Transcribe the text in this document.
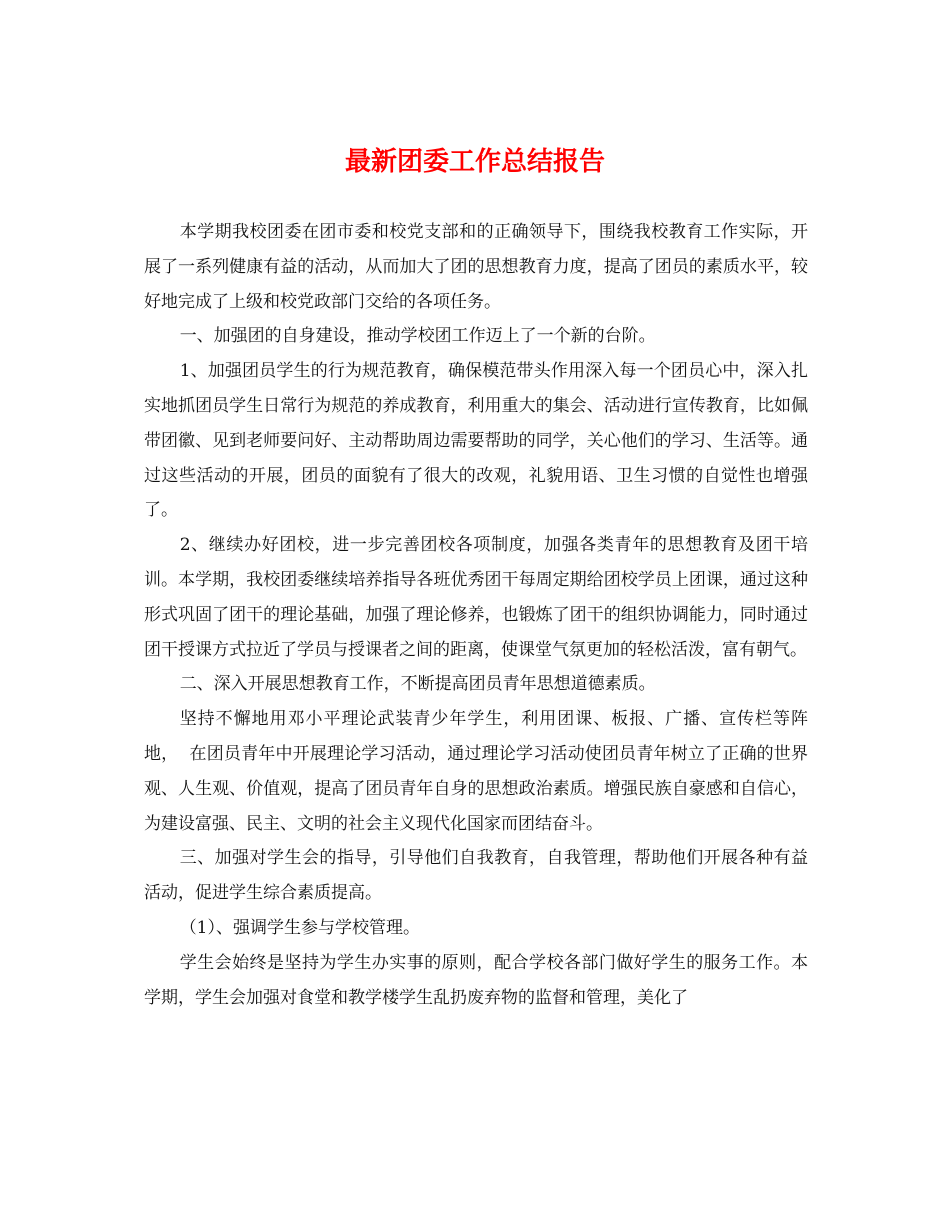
最新团委工作总结报告

本学期我校团委在团市委和校党支部和的正确领导下，围绕我校教育工作实际，开展了一系列健康有益的活动，从而加大了团的思想教育力度，提高了团员的素质水平，较好地完成了上级和校党政部门交给的各项任务。

一、加强团的自身建设，推动学校团工作迈上了一个新的台阶。

1、加强团员学生的行为规范教育，确保模范带头作用深入每一个团员心中，深入扎实地抓团员学生日常行为规范的养成教育，利用重大的集会、活动进行宣传教育，比如佩带团徽、见到老师要问好、主动帮助周边需要帮助的同学，关心他们的学习、生活等。通过这些活动的开展，团员的面貌有了很大的改观，礼貌用语、卫生习惯的自觉性也增强了。

2、继续办好团校，进一步完善团校各项制度，加强各类青年的思想教育及团干培训。本学期，我校团委继续培养指导各班优秀团干每周定期给团校学员上团课，通过这种形式巩固了团干的理论基础，加强了理论修养，也锻炼了团干的组织协调能力，同时通过团干授课方式拉近了学员与授课者之间的距离，使课堂气氛更加的轻松活泼，富有朝气。

二、深入开展思想教育工作，不断提高团员青年思想道德素质。

坚持不懈地用邓小平理论武装青少年学生，利用团课、板报、广播、宣传栏等阵地，  在团员青年中开展理论学习活动，通过理论学习活动使团员青年树立了正确的世界观、人生观、价值观，提高了团员青年自身的思想政治素质。增强民族自豪感和自信心，为建设富强、民主、文明的社会主义现代化国家而团结奋斗。

三、加强对学生会的指导，引导他们自我教育，自我管理，帮助他们开展各种有益活动，促进学生综合素质提高。

（1）、强调学生参与学校管理。

学生会始终是坚持为学生办实事的原则，配合学校各部门做好学生的服务工作。本学期，学生会加强对食堂和教学楼学生乱扔废弃物的监督和管理，美化了
